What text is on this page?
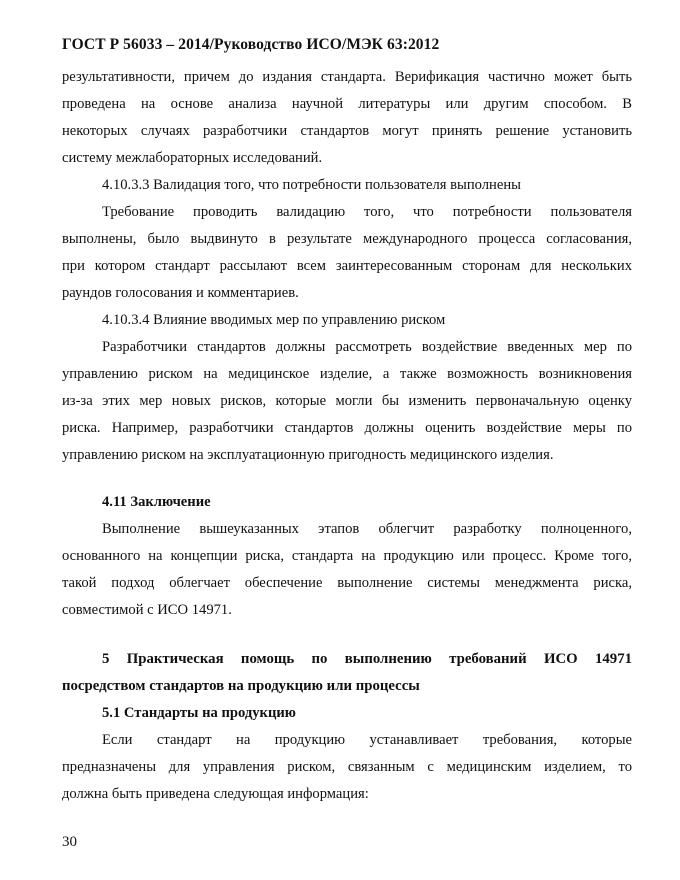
ГОСТ Р 56033 – 2014/Руководство ИСО/МЭК 63:2012

результативности, причем до издания стандарта. Верификация частично может быть

проведена на основе анализа научной литературы или другим способом. В

некоторых случаях разработчики стандартов могут принять решение установить

систему межлабораторных исследований.

4.10.3.3 Валидация того, что потребности пользователя выполнены

Требование проводить валидацию того, что потребности пользователя

выполнены, было выдвинуто в результате международного процесса согласования,

при котором стандарт рассылают всем заинтересованным сторонам для нескольких

раундов голосования и комментариев.

4.10.3.4 Влияние вводимых мер по управлению риском

Разработчики стандартов должны рассмотреть воздействие введенных мер по

управлению риском на медицинское изделие, а также возможность возникновения

из-за этих мер новых рисков, которые могли бы изменить первоначальную оценку

риска. Например, разработчики стандартов должны оценить воздействие меры по

управлению риском на эксплуатационную пригодность медицинского изделия.

4.11 Заключение

Выполнение вышеуказанных этапов облегчит разработку полноценного,

основанного на концепции риска, стандарта на продукцию или процесс. Кроме того,

такой подход облегчает обеспечение выполнение системы менеджмента риска,

совместимой с ИСО 14971.

5 Практическая помощь по выполнению требований ИСО 14971

посредством стандартов на продукцию или процессы

5.1 Стандарты на продукцию

Если стандарт на продукцию устанавливает требования, которые

предназначены для управления риском, связанным с медицинским изделием, то

должна быть приведена следующая информация:

30
